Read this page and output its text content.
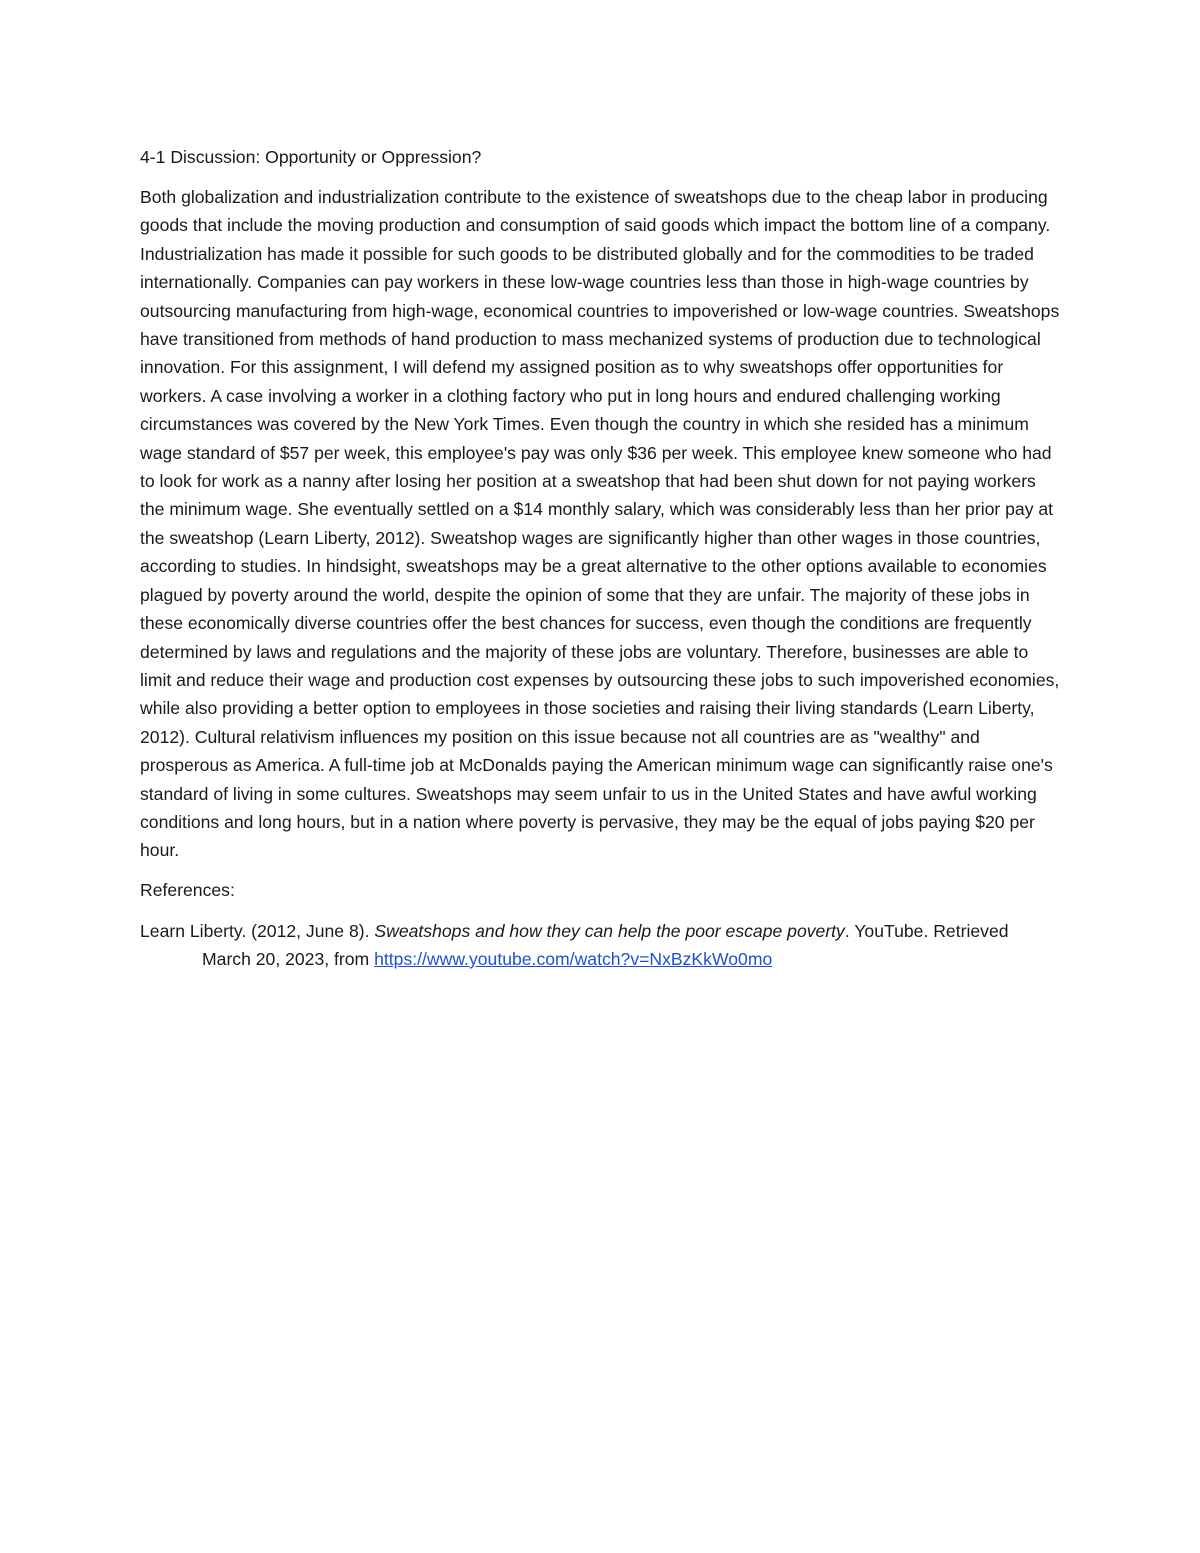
4-1 Discussion: Opportunity or Oppression?

Both globalization and industrialization contribute to the existence of sweatshops due to the cheap labor in producing goods that include the moving production and consumption of said goods which impact the bottom line of a company. Industrialization has made it possible for such goods to be distributed globally and for the commodities to be traded internationally. Companies can pay workers in these low-wage countries less than those in high-wage countries by outsourcing manufacturing from high-wage, economical countries to impoverished or low-wage countries. Sweatshops have transitioned from methods of hand production to mass mechanized systems of production due to technological innovation. For this assignment, I will defend my assigned position as to why sweatshops offer opportunities for workers. A case involving a worker in a clothing factory who put in long hours and endured challenging working circumstances was covered by the New York Times. Even though the country in which she resided has a minimum wage standard of $57 per week, this employee's pay was only $36 per week. This employee knew someone who had to look for work as a nanny after losing her position at a sweatshop that had been shut down for not paying workers the minimum wage. She eventually settled on a $14 monthly salary, which was considerably less than her prior pay at the sweatshop (Learn Liberty, 2012). Sweatshop wages are significantly higher than other wages in those countries, according to studies. In hindsight, sweatshops may be a great alternative to the other options available to economies plagued by poverty around the world, despite the opinion of some that they are unfair. The majority of these jobs in these economically diverse countries offer the best chances for success, even though the conditions are frequently determined by laws and regulations and the majority of these jobs are voluntary. Therefore, businesses are able to limit and reduce their wage and production cost expenses by outsourcing these jobs to such impoverished economies, while also providing a better option to employees in those societies and raising their living standards (Learn Liberty, 2012). Cultural relativism influences my position on this issue because not all countries are as "wealthy" and prosperous as America. A full-time job at McDonalds paying the American minimum wage can significantly raise one's standard of living in some cultures. Sweatshops may seem unfair to us in the United States and have awful working conditions and long hours, but in a nation where poverty is pervasive, they may be the equal of jobs paying $20 per hour.

References:

Learn Liberty. (2012, June 8). Sweatshops and how they can help the poor escape poverty. YouTube. Retrieved March 20, 2023, from https://www.youtube.com/watch?v=NxBzKkWo0mo
